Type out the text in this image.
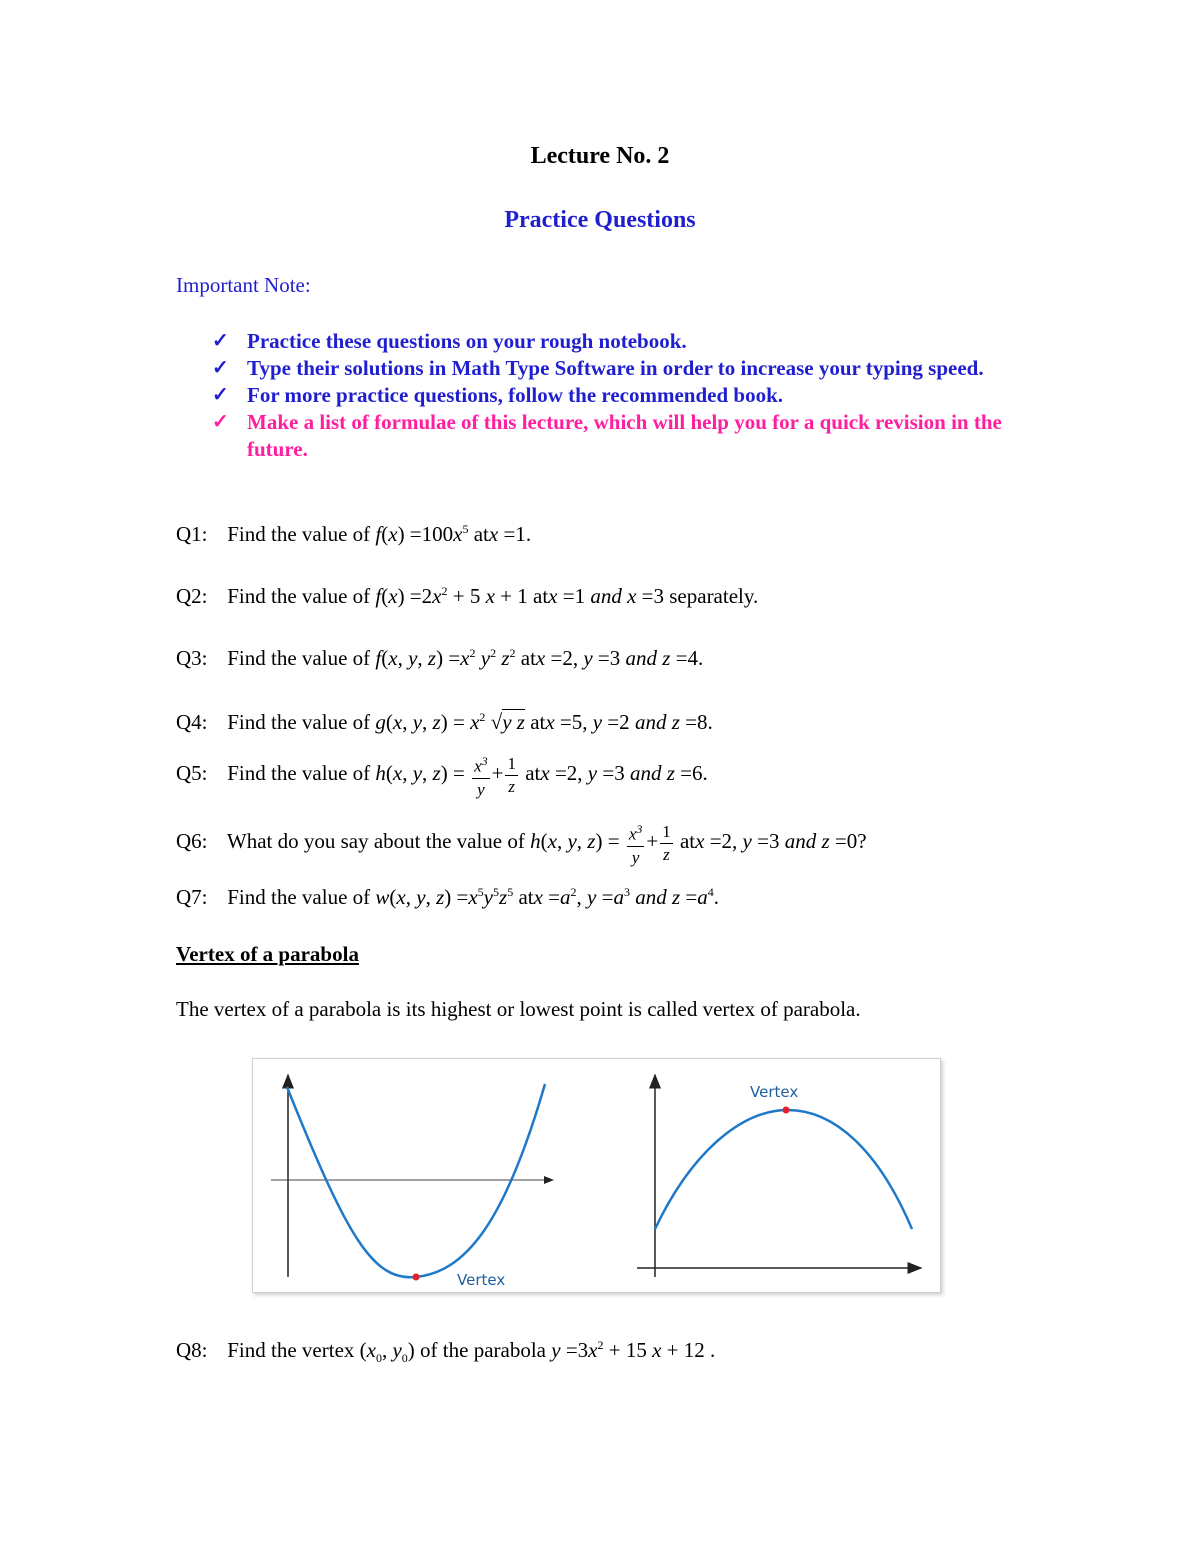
Lecture No. 2
Practice Questions
Important Note:
✓ Practice these questions on your rough notebook.
✓ Type their solutions in Math Type Software in order to increase your typing speed.
✓ For more practice questions, follow the recommended book.
✓ Make a list of formulae of this lecture, which will help you for a quick revision in the future.
Q1: Find the value of $f(x) =100x^5$ atx =1.
Q2: Find the value of $f(x) =2x^2 + 5$ x + 1 atx =1 and x =3 separately.
Q3: Find the value of f(x, y, $z) =x^2$ $y^2$ $z^2$ atx =2, y =3 and z =4.
Q4: Find the value of g(x, y, $z) = x^2$ √y z atx =5, y =2 and z =8.
Q5: Find the value of h(x, y, $z) = \frac{x^3}{y} + \frac{1}{z}$ atx =2, y =3 and z =6.
Q6: What do you say about the value of h(x, y, $z) = \frac{x^3}{y} + \frac{1}{z}$ atx =2, y =3 and z =0?
Q7: Find the value of w(x, y, $z) =x^5y^5z^5$ atx $=a^2$, $y =a^3$ and $z =a^4$.
Vertex of a parabola
The vertex of a parabola is its highest or lowest point is called vertex of parabola.
Vertex
Vertex
Q8: Find the vertex ($x_0$, $y_0$) of the parabola $y =3x^2 + 15$ x + 12 .
